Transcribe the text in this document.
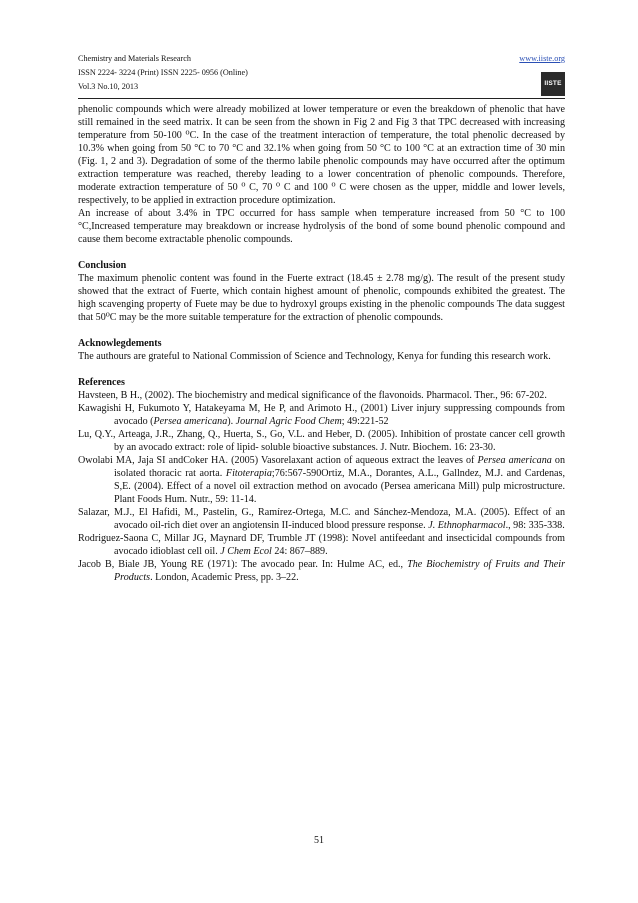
Chemistry and Materials Research	www.iiste.org
ISSN 2224- 3224 (Print) ISSN 2225- 0956 (Online)
Vol.3 No.10, 2013	IISTE

phenolic compounds which were already mobilized at lower temperature or even the breakdown of phenolic that have still remained in the seed matrix. It can be seen from the shown in Fig 2 and Fig 3 that TPC decreased with increasing temperature from 50-100 ⁰C. In the case of the treatment interaction of temperature, the total phenolic decreased by 10.3% when going from 50 °C to 70 °C and 32.1% when going from 50 °C to 100 °C at an extraction time of 30 min (Fig. 1, 2 and 3). Degradation of some of the thermo labile phenolic compounds may have occurred after the optimum extraction temperature was reached, thereby leading to a lower concentration of phenolic compounds. Therefore, moderate extraction temperature of 50 ⁰ C, 70 ⁰ C and 100 ⁰ C were chosen as the upper, middle and lower levels, respectively, to be applied in extraction procedure optimization.

An increase of about 3.4% in TPC occurred for hass sample when temperature increased from 50 °C to 100 °C,Increased temperature may breakdown or increase hydrolysis of the bond of some bound phenolic compound and cause them become extractable phenolic compounds.

Conclusion

The maximum phenolic content was found in the Fuerte extract (18.45 ± 2.78 mg/g). The result of the present study showed that the extract of Fuerte, which contain highest amount of phenolic, compounds exhibited the greatest. The high scavenging property of Fuete may be due to hydroxyl groups existing in the phenolic compounds The data suggest that 50⁰C may be the more suitable temperature for the extraction of phenolic compounds.

Acknowlegdements

The authours are grateful to National Commission of Science and Technology, Kenya for funding this research work.

References

Havsteen, B H., (2002). The biochemistry and medical significance of the flavonoids. Pharmacol. Ther., 96: 67-202.

Kawagishi H, Fukumoto Y, Hatakeyama M, He P, and Arimoto H., (2001) Liver injury suppressing compounds from avocado (Persea americana). Journal Agric Food Chem; 49:221-52

Lu, Q.Y., Arteaga, J.R., Zhang, Q., Huerta, S., Go, V.L. and Heber, D. (2005). Inhibition of prostate cancer cell growth by an avocado extract: role of lipid- soluble bioactive substances. J. Nutr. Biochem. 16: 23-30.

Owolabi MA, Jaja SI andCoker HA. (2005) Vasorelaxant action of aqueous extract the leaves of Persea americana on isolated thoracic rat aorta. Fitoterapia;76:567-590Ortiz, M.A., Dorantes, A.L., Gallndez, M.J. and Cardenas, S,E. (2004). Effect of a novel oil extraction method on avocado (Persea americana Mill) pulp microstructure. Plant Foods Hum. Nutr., 59: 11-14.

Salazar, M.J., El Hafidi, M., Pastelin, G., Ramírez-Ortega, M.C. and Sánchez-Mendoza, M.A. (2005). Effect of an avocado oil-rich diet over an angiotensin II-induced blood pressure response. J. Ethnopharmacol., 98: 335-338.

Rodriguez-Saona C, Millar JG, Maynard DF, Trumble JT (1998): Novel antifeedant and insecticidal compounds from avocado idioblast cell oil. J Chem Ecol 24: 867–889.

Jacob B, Biale JB, Young RE (1971): The avocado pear. In: Hulme AC, ed., The Biochemistry of Fruits and Their Products. London, Academic Press, pp. 3–22.

51
